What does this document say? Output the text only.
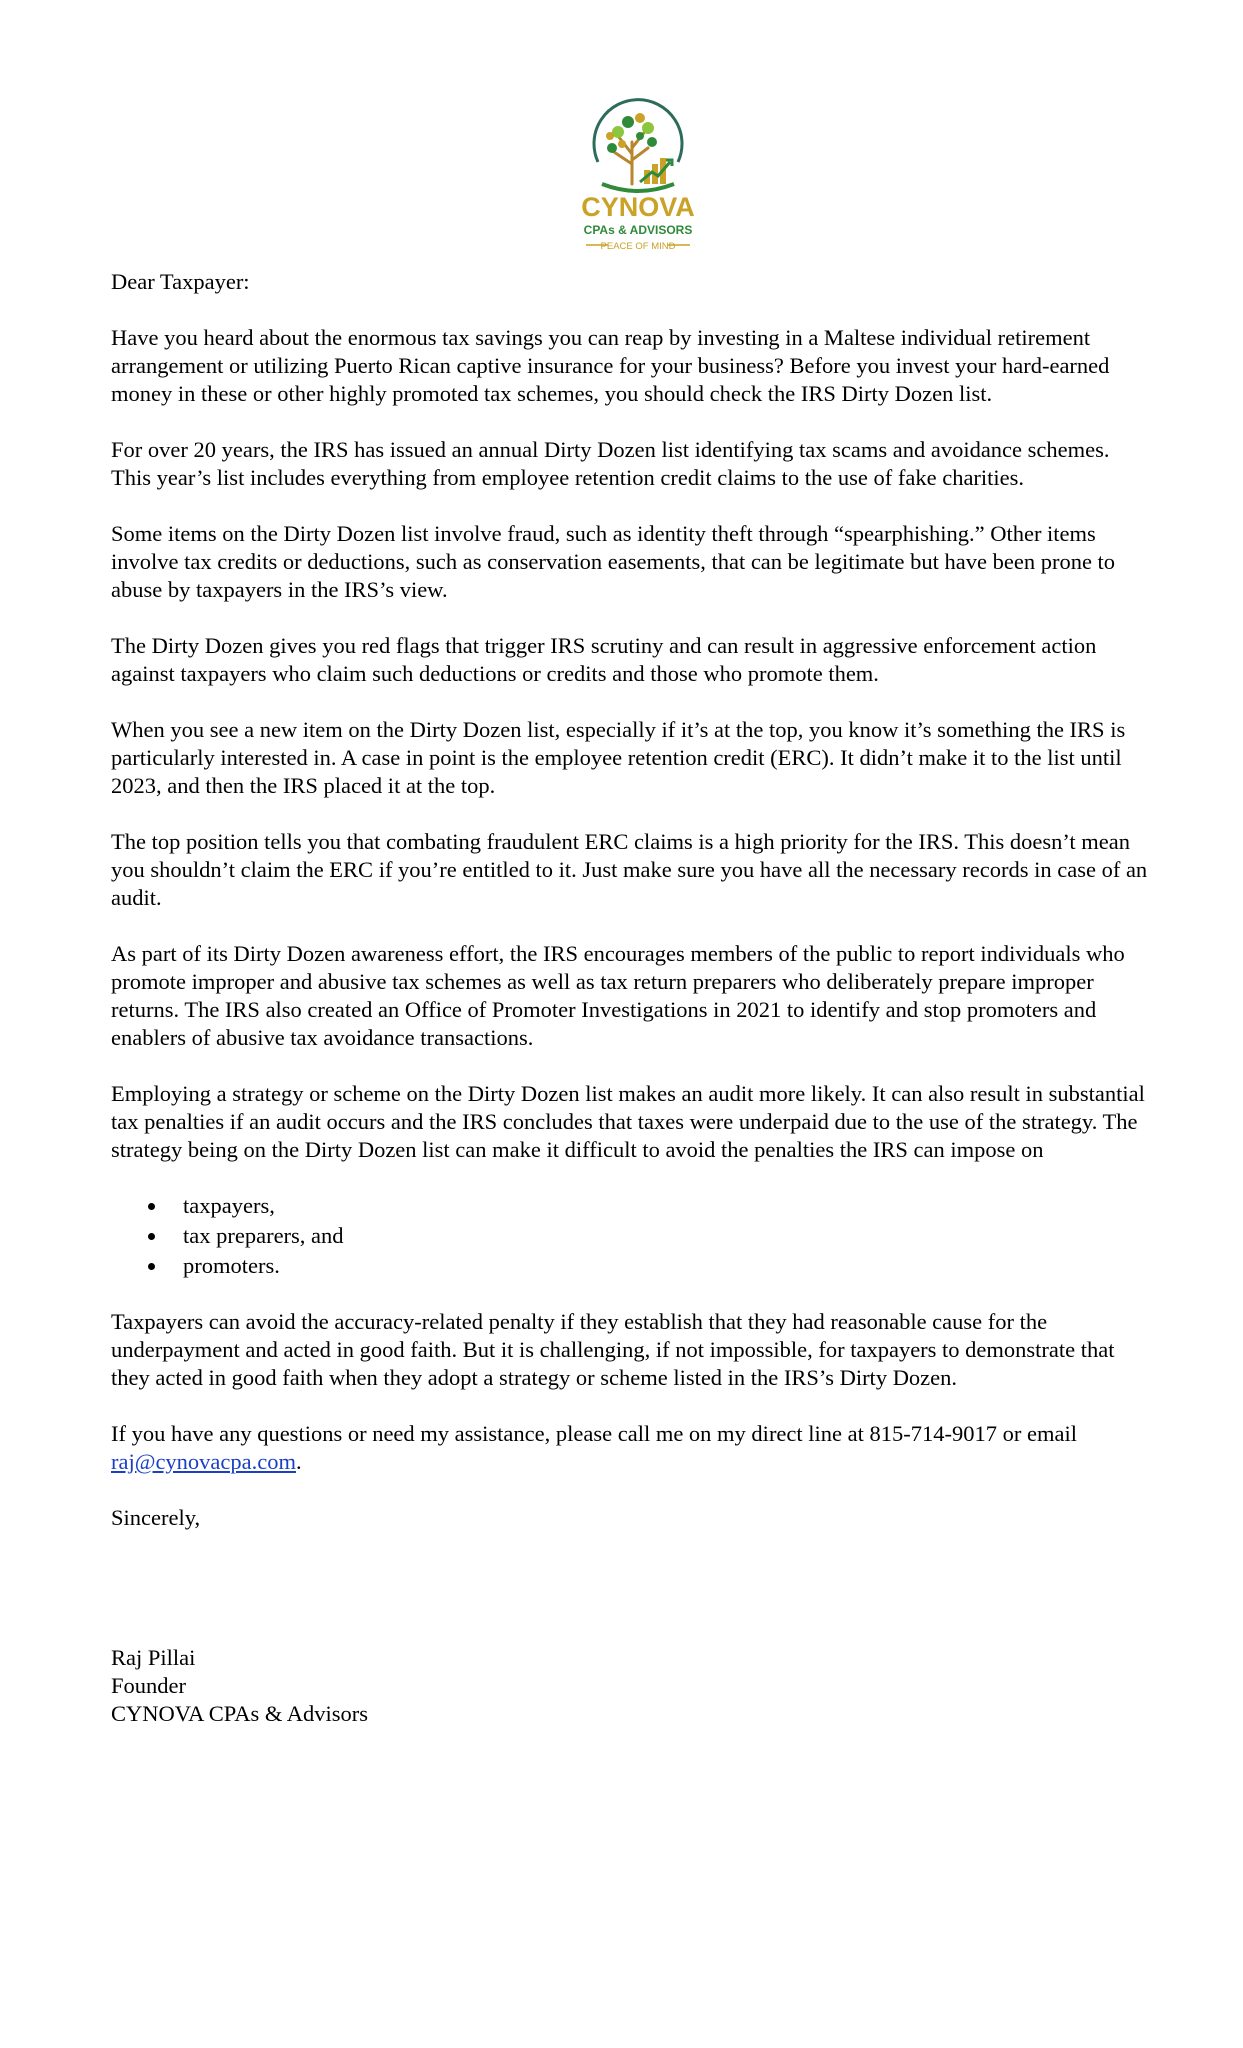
CYNOVA
CPAs & ADVISORS
PEACE OF MIND

Dear Taxpayer:

Have you heard about the enormous tax savings you can reap by investing in a Maltese individual retirement arrangement or utilizing Puerto Rican captive insurance for your business? Before you invest your hard-earned money in these or other highly promoted tax schemes, you should check the IRS Dirty Dozen list.

For over 20 years, the IRS has issued an annual Dirty Dozen list identifying tax scams and avoidance schemes. This year’s list includes everything from employee retention credit claims to the use of fake charities.

Some items on the Dirty Dozen list involve fraud, such as identity theft through “spearphishing.” Other items involve tax credits or deductions, such as conservation easements, that can be legitimate but have been prone to abuse by taxpayers in the IRS’s view.

The Dirty Dozen gives you red flags that trigger IRS scrutiny and can result in aggressive enforcement action against taxpayers who claim such deductions or credits and those who promote them.

When you see a new item on the Dirty Dozen list, especially if it’s at the top, you know it’s something the IRS is particularly interested in. A case in point is the employee retention credit (ERC). It didn’t make it to the list until 2023, and then the IRS placed it at the top.

The top position tells you that combating fraudulent ERC claims is a high priority for the IRS. This doesn’t mean you shouldn’t claim the ERC if you’re entitled to it. Just make sure you have all the necessary records in case of an audit.

As part of its Dirty Dozen awareness effort, the IRS encourages members of the public to report individuals who promote improper and abusive tax schemes as well as tax return preparers who deliberately prepare improper returns. The IRS also created an Office of Promoter Investigations in 2021 to identify and stop promoters and enablers of abusive tax avoidance transactions.

Employing a strategy or scheme on the Dirty Dozen list makes an audit more likely. It can also result in substantial tax penalties if an audit occurs and the IRS concludes that taxes were underpaid due to the use of the strategy. The strategy being on the Dirty Dozen list can make it difficult to avoid the penalties the IRS can impose on

taxpayers,
tax preparers, and
promoters.

Taxpayers can avoid the accuracy-related penalty if they establish that they had reasonable cause for the underpayment and acted in good faith. But it is challenging, if not impossible, for taxpayers to demonstrate that they acted in good faith when they adopt a strategy or scheme listed in the IRS’s Dirty Dozen.

If you have any questions or need my assistance, please call me on my direct line at 815-714-9017 or email raj@cynovacpa.com.

Sincerely,

Raj Pillai
Founder
CYNOVA CPAs & Advisors
